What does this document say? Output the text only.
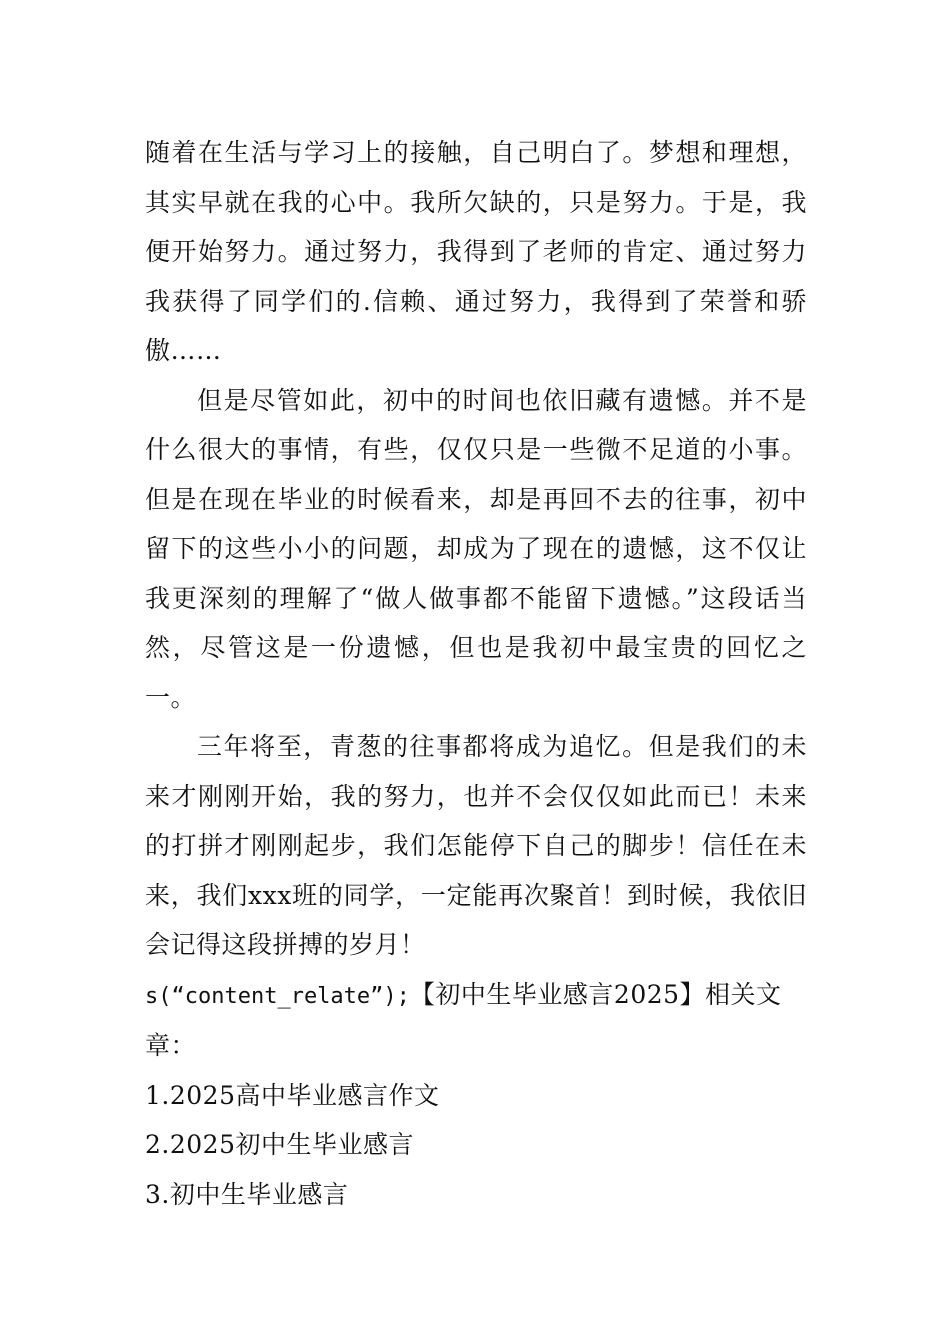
随着在生活与学习上的接触，自己明白了。梦想和理想，其实早就在我的心中。我所欠缺的，只是努力。于是，我便开始努力。通过努力，我得到了老师的肯定、通过努力我获得了同学们的.信赖、通过努力，我得到了荣誉和骄傲……

但是尽管如此，初中的时间也依旧藏有遗憾。并不是什么很大的事情，有些，仅仅只是一些微不足道的小事。但是在现在毕业的时候看来，却是再回不去的往事，初中留下的这些小小的问题，却成为了现在的遗憾，这不仅让我更深刻的理解了“做人做事都不能留下遗憾。”这段话当然，尽管这是一份遗憾，但也是我初中最宝贵的回忆之一。

三年将至，青葱的往事都将成为追忆。但是我们的未来才刚刚开始，我的努力，也并不会仅仅如此而已！未来的打拼才刚刚起步，我们怎能停下自己的脚步！信任在未来，我们xxx班的同学，一定能再次聚首！到时候，我依旧会记得这段拼搏的岁月！

s(“content_relate”);【初中生毕业感言2025】相关文章：

1.2025高中毕业感言作文
2.2025初中生毕业感言
3.初中生毕业感言
